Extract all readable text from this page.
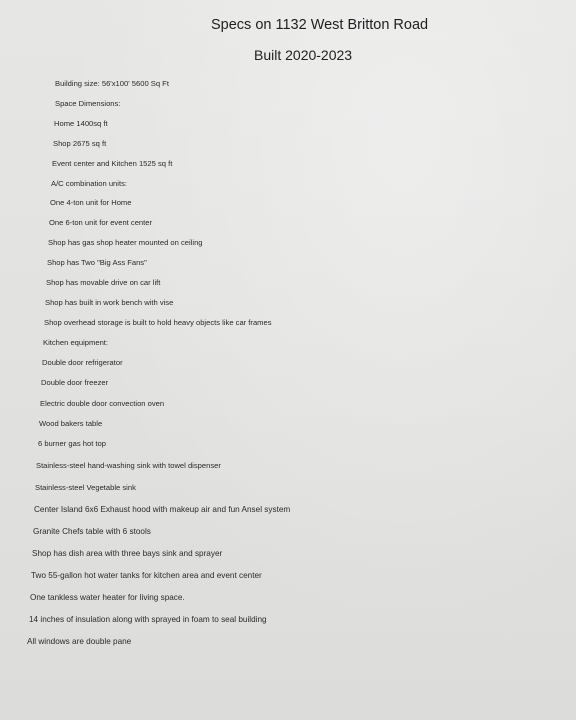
Specs on 1132 West Britton Road
Built 2020-2023
Building size: 56'x100' 5600 Sq Ft
Space Dimensions:
Home 1400sq ft
Shop 2675 sq ft
Event center and Kitchen 1525 sq ft
A/C combination units:
One 4-ton unit for Home
One 6-ton unit for event center
Shop has gas shop heater mounted on ceiling
Shop has Two "Big Ass Fans"
Shop has movable drive on car lift
Shop has built in work bench with vise
Shop overhead storage is built to hold heavy objects like car frames
Kitchen equipment:
Double door refrigerator
Double door freezer
Electric double door convection oven
Wood bakers table
6 burner gas hot top
Stainless-steel hand-washing sink with towel dispenser
Stainless-steel Vegetable sink
Center Island 6x6 Exhaust hood with makeup air and fun Ansel system
Granite Chefs table with 6 stools
Shop has dish area with three bays sink and sprayer
Two 55-gallon hot water tanks for kitchen area and event center
One tankless water heater for living space.
14 inches of insulation along with sprayed in foam to seal building
All windows are double pane
